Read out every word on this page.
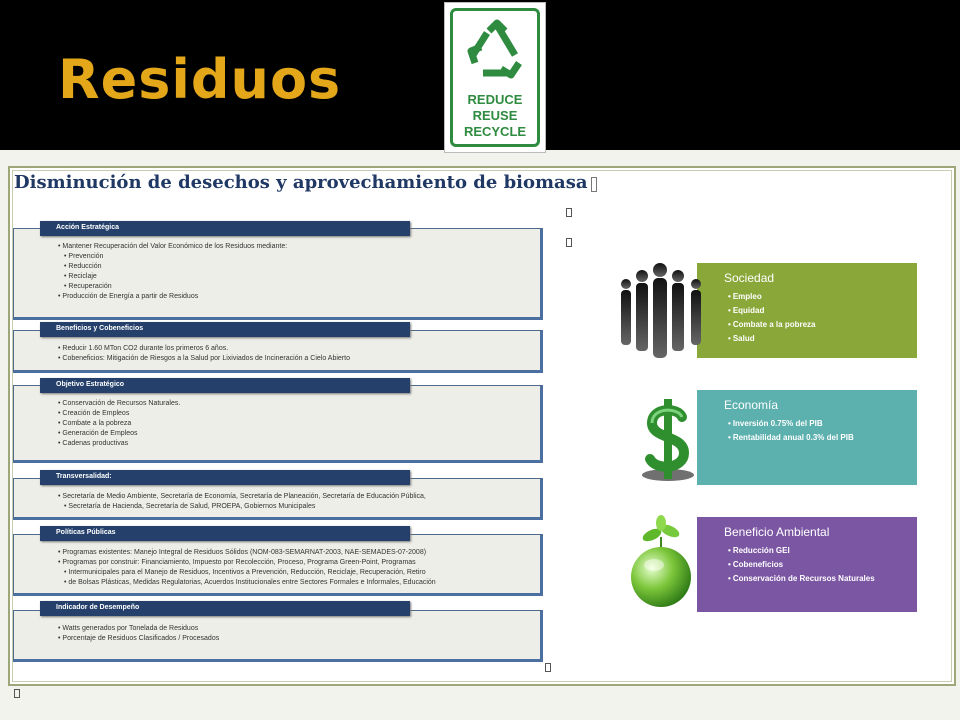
Residuos	REDUCE
REUSE
RECYCLE
Disminución de desechos y aprovechamiento de biomasa
• Mantener Recuperación del Valor Económico de los Residuos mediante:
• Prevención
• Reducción
• Reciclaje
• Recuperación
• Producción de Energía a partir de Residuos
Acción Estratégica
• Reducir 1.60 MTon CO2 durante los primeros 6 años.
• Cobeneficios: Mitigación de Riesgos a la Salud por Lixiviados de Incineración a Cielo Abierto
Beneficios y Cobeneficios
• Conservación de Recursos Naturales.
• Creación de Empleos
• Combate a la pobreza
• Generación de Empleos
• Cadenas productivas
Objetivo Estratégico
• Secretaría de Medio Ambiente, Secretaría de Economía, Secretaría de Planeación, Secretaría de Educación Pública,
• Secretaría de Hacienda, Secretaría de Salud, PROEPA, Gobiernos Municipales
Transversalidad:
• Programas existentes: Manejo Integral de Residuos Sólidos (NOM-083-SEMARNAT-2003, NAE-SEMADES-07-2008)
• Programas por construir: Financiamiento, Impuesto por Recolección, Proceso, Programa Green-Point, Programas
• Intermunicipales para el Manejo de Residuos, Incentivos a Prevención, Reducción, Reciclaje, Recuperación, Retiro
• de Bolsas Plásticas, Medidas Regulatorias, Acuerdos Institucionales entre Sectores Formales e Informales, Educación
Políticas Públicas
• Watts generados por Tonelada de Residuos
• Porcentaje de Residuos Clasificados / Procesados
Indicador de Desempeño
Sociedad
• Empleo
• Equidad
• Combate a la pobreza
• Salud
Economía
• Inversión 0.75% del PIB
• Rentabilidad anual 0.3% del PIB
Beneficio Ambiental
• Reducción GEI
• Cobeneficios
• Conservación de Recursos Naturales
